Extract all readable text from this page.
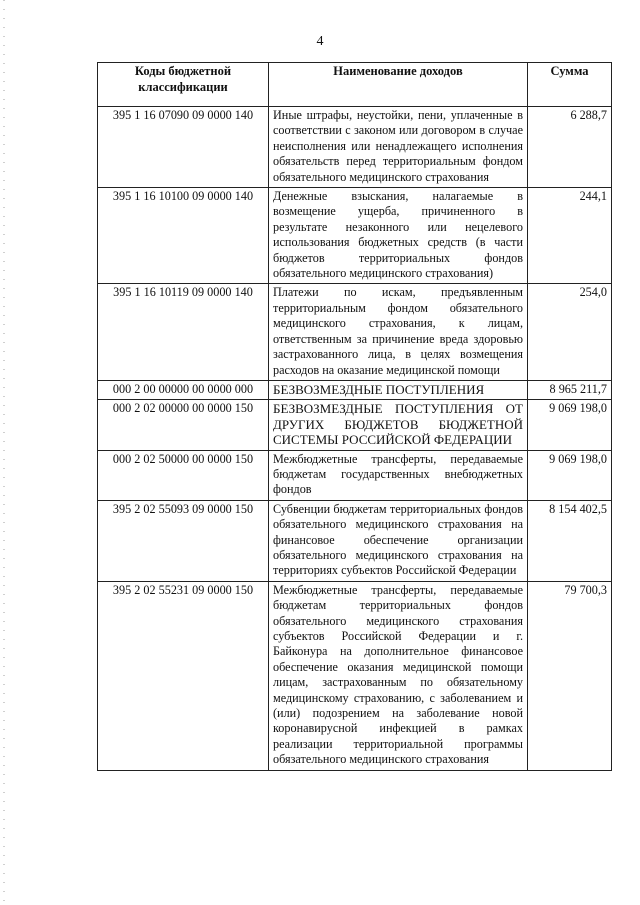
4
Коды бюджетной классификации	Наименование доходов	Сумма
395 1 16 07090 09 0000 140	Иные штрафы, неустойки, пени, уплаченные в соответствии с законом или договором в случае неисполнения или ненадлежащего исполнения обязательств перед территориальным фондом обязательного медицинского страхования	6 288,7
395 1 16 10100 09 0000 140	Денежные взыскания, налагаемые в возмещение ущерба, причиненного в результате незаконного или нецелевого использования бюджетных средств (в части бюджетов территориальных фондов обязательного медицинского страхования)	244,1
395 1 16 10119 09 0000 140	Платежи по искам, предъявленным территориальным фондом обязательного медицинского страхования, к лицам, ответственным за причинение вреда здоровью застрахованного лица, в целях возмещения расходов на оказание медицинской помощи	254,0
000 2 00 00000 00 0000 000	БЕЗВОЗМЕЗДНЫЕ ПОСТУПЛЕНИЯ	8 965 211,7
000 2 02 00000 00 0000 150	БЕЗВОЗМЕЗДНЫЕ ПОСТУПЛЕНИЯ ОТ ДРУГИХ БЮДЖЕТОВ БЮДЖЕТНОЙ СИСТЕМЫ РОССИЙСКОЙ ФЕДЕРАЦИИ	9 069 198,0
000 2 02 50000 00 0000 150	Межбюджетные трансферты, передаваемые бюджетам государственных внебюджетных фондов	9 069 198,0
395 2 02 55093 09 0000 150	Субвенции бюджетам территориальных фондов обязательного медицинского страхования на финансовое обеспечение организации обязательного медицинского страхования на территориях субъектов Российской Федерации	8 154 402,5
395 2 02 55231 09 0000 150	Межбюджетные трансферты, передаваемые бюджетам территориальных фондов обязательного медицинского страхования субъектов Российской Федерации и г. Байконура на дополнительное финансовое обеспечение оказания медицинской помощи лицам, застрахованным по обязательному медицинскому страхованию, с заболеванием и (или) подозрением на заболевание новой коронавирусной инфекцией в рамках реализации территориальной программы обязательного медицинского страхования	79 700,3
